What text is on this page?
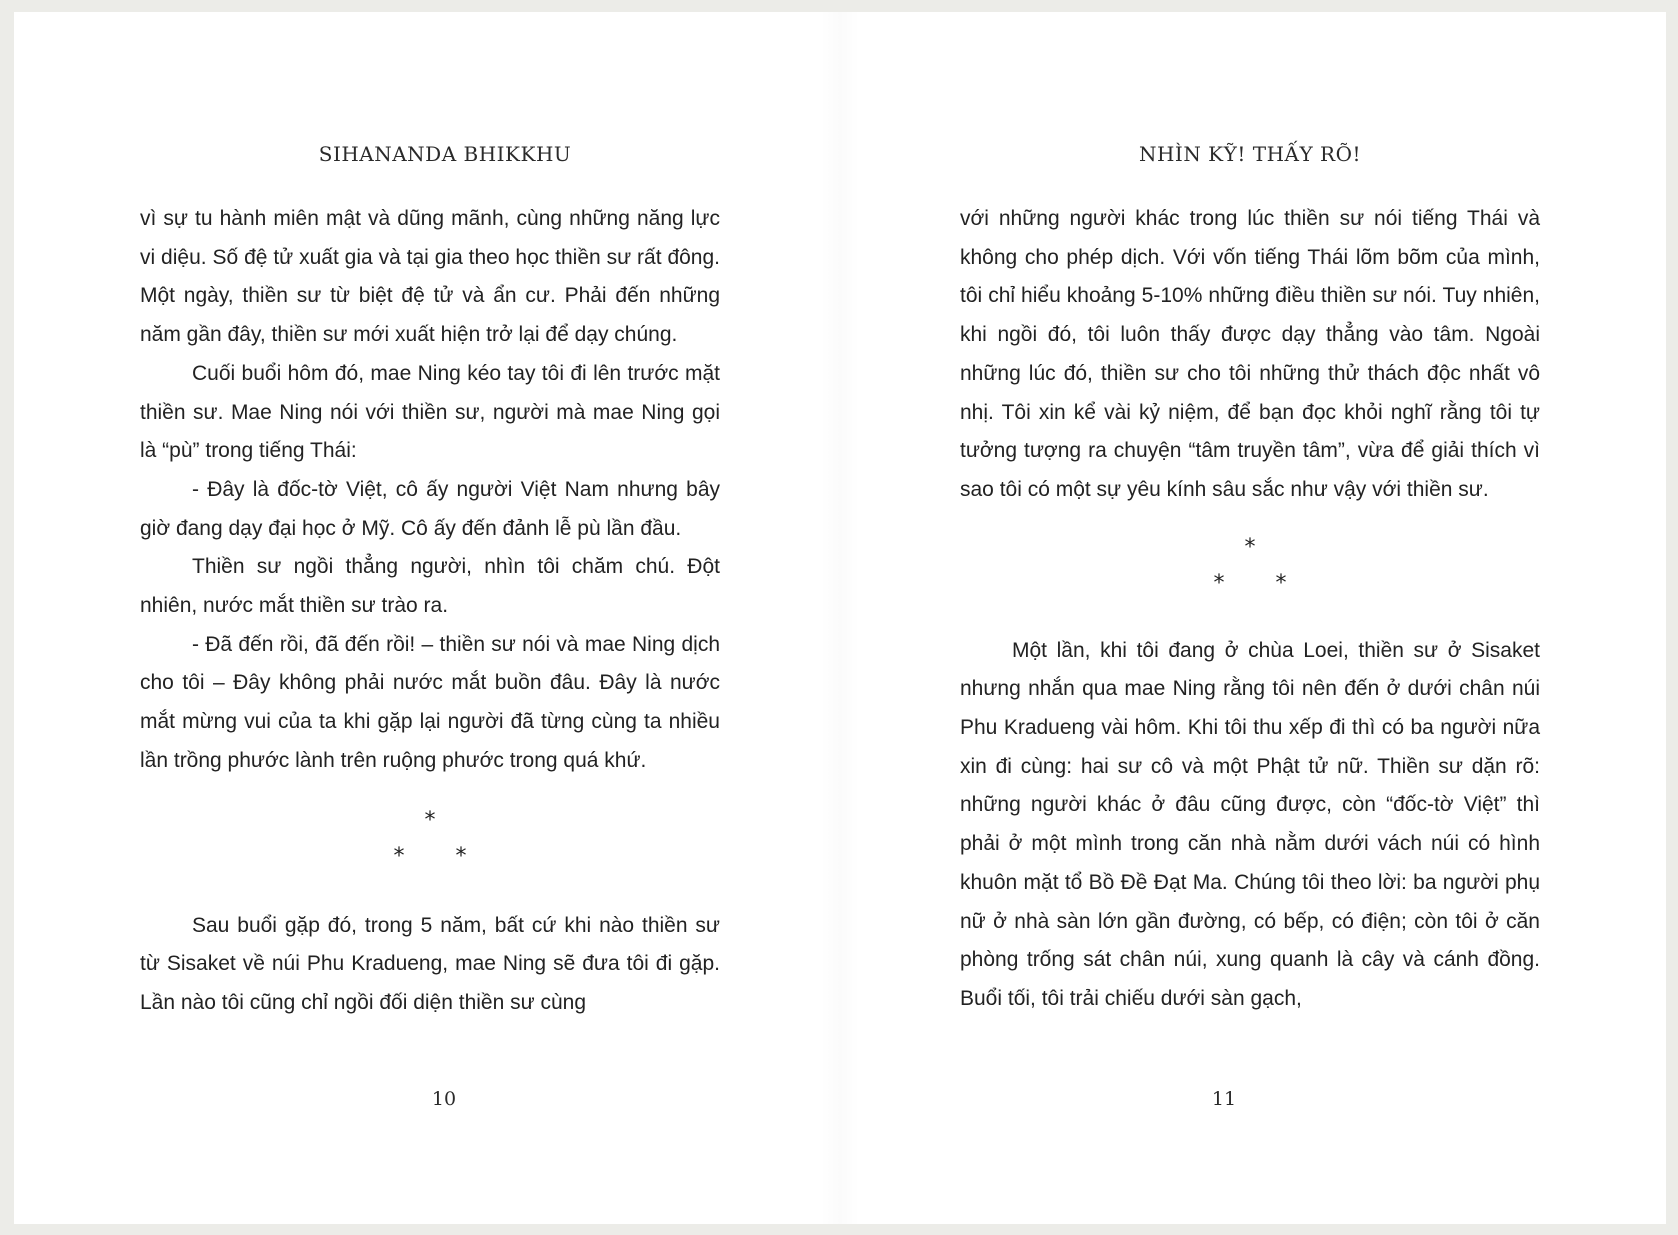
SIHANANDA BHIKKHU

vì sự tu hành miên mật và dũng mãnh, cùng những năng lực vi diệu. Số đệ tử xuất gia và tại gia theo học thiền sư rất đông. Một ngày, thiền sư từ biệt đệ tử và ẩn cư. Phải đến những năm gần đây, thiền sư mới xuất hiện trở lại để dạy chúng.

Cuối buổi hôm đó, mae Ning kéo tay tôi đi lên trước mặt thiền sư. Mae Ning nói với thiền sư, người mà mae Ning gọi là “pù” trong tiếng Thái:

- Đây là đốc-tờ Việt, cô ấy người Việt Nam nhưng bây giờ đang dạy đại học ở Mỹ. Cô ấy đến đảnh lễ pù lần đầu.

Thiền sư ngồi thẳng người, nhìn tôi chăm chú. Đột nhiên, nước mắt thiền sư trào ra.

- Đã đến rồi, đã đến rồi! – thiền sư nói và mae Ning dịch cho tôi – Đây không phải nước mắt buồn đâu. Đây là nước mắt mừng vui của ta khi gặp lại người đã từng cùng ta nhiều lần trồng phước lành trên ruộng phước trong quá khứ.

*
* *

Sau buổi gặp đó, trong 5 năm, bất cứ khi nào thiền sư từ Sisaket về núi Phu Kradueng, mae Ning sẽ đưa tôi đi gặp. Lần nào tôi cũng chỉ ngồi đối diện thiền sư cùng

10
NHÌN KỸ! THẤY RÕ!

với những người khác trong lúc thiền sư nói tiếng Thái và không cho phép dịch. Với vốn tiếng Thái lõm bõm của mình, tôi chỉ hiểu khoảng 5-10% những điều thiền sư nói. Tuy nhiên, khi ngồi đó, tôi luôn thấy được dạy thẳng vào tâm. Ngoài những lúc đó, thiền sư cho tôi những thử thách độc nhất vô nhị. Tôi xin kể vài kỷ niệm, để bạn đọc khỏi nghĩ rằng tôi tự tưởng tượng ra chuyện “tâm truyền tâm”, vừa để giải thích vì sao tôi có một sự yêu kính sâu sắc như vậy với thiền sư.

*
* *

Một lần, khi tôi đang ở chùa Loei, thiền sư ở Sisaket nhưng nhắn qua mae Ning rằng tôi nên đến ở dưới chân núi Phu Kradueng vài hôm. Khi tôi thu xếp đi thì có ba người nữa xin đi cùng: hai sư cô và một Phật tử nữ. Thiền sư dặn rõ: những người khác ở đâu cũng được, còn “đốc-tờ Việt” thì phải ở một mình trong căn nhà nằm dưới vách núi có hình khuôn mặt tổ Bồ Đề Đạt Ma. Chúng tôi theo lời: ba người phụ nữ ở nhà sàn lớn gần đường, có bếp, có điện; còn tôi ở căn phòng trống sát chân núi, xung quanh là cây và cánh đồng. Buổi tối, tôi trải chiếu dưới sàn gạch,

11
